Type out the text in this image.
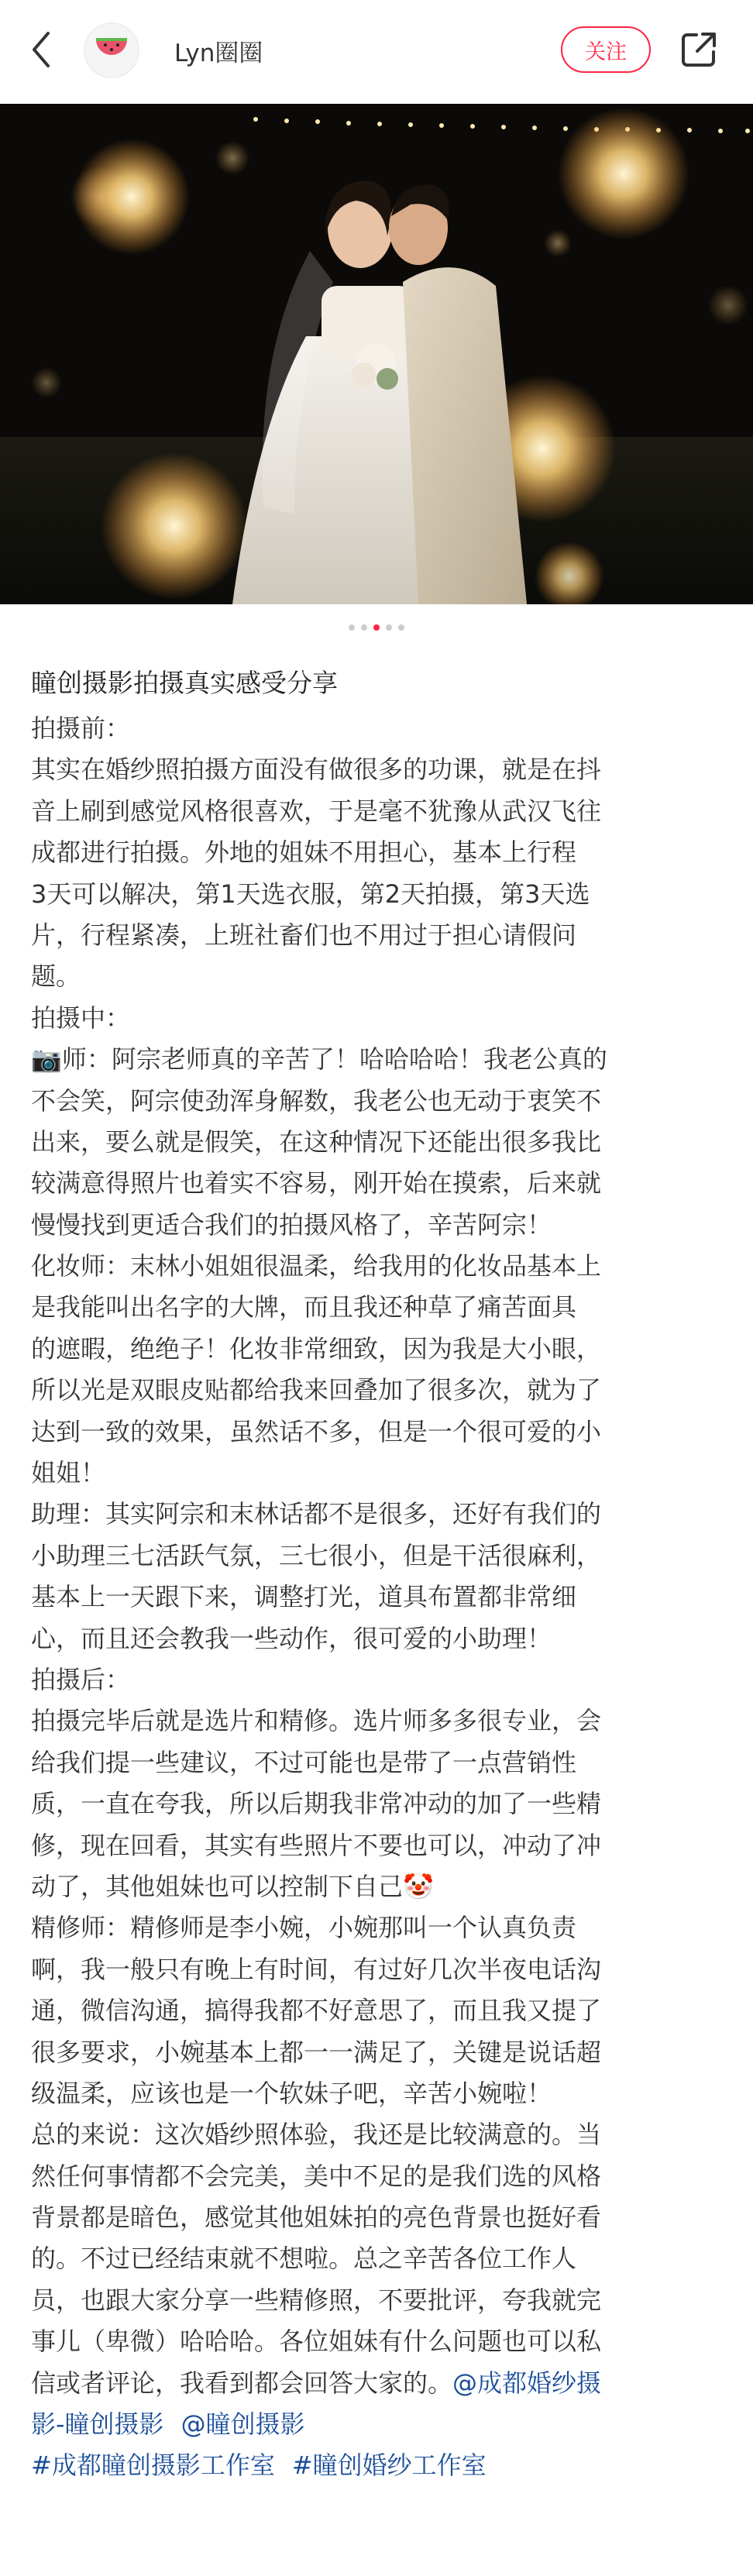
Lyn圈圈	关注
瞳创摄影拍摄真实感受分享
拍摄前：
其实在婚纱照拍摄方面没有做很多的功课，就是在抖
音上刷到感觉风格很喜欢，于是毫不犹豫从武汉飞往
成都进行拍摄。外地的姐妹不用担心，基本上行程
3天可以解决，第1天选衣服，第2天拍摄，第3天选
片，行程紧凑，上班社畜们也不用过于担心请假问
题。
拍摄中：
📷师：阿宗老师真的辛苦了！哈哈哈哈！我老公真的
不会笑，阿宗使劲浑身解数，我老公也无动于衷笑不
出来，要么就是假笑，在这种情况下还能出很多我比
较满意得照片也着实不容易，刚开始在摸索，后来就
慢慢找到更适合我们的拍摄风格了，辛苦阿宗！
化妆师：末林小姐姐很温柔，给我用的化妆品基本上
是我能叫出名字的大牌，而且我还种草了痛苦面具
的遮暇，绝绝子！化妆非常细致，因为我是大小眼，
所以光是双眼皮贴都给我来回叠加了很多次，就为了
达到一致的效果，虽然话不多，但是一个很可爱的小
姐姐！
助理：其实阿宗和末林话都不是很多，还好有我们的
小助理三七活跃气氛，三七很小，但是干活很麻利，
基本上一天跟下来，调整打光，道具布置都非常细
心，而且还会教我一些动作，很可爱的小助理！
拍摄后：
拍摄完毕后就是选片和精修。选片师多多很专业，会
给我们提一些建议，不过可能也是带了一点营销性
质，一直在夸我，所以后期我非常冲动的加了一些精
修，现在回看，其实有些照片不要也可以，冲动了冲
动了，其他姐妹也可以控制下自己🤡
精修师：精修师是李小婉，小婉那叫一个认真负责
啊，我一般只有晚上有时间，有过好几次半夜电话沟
通，微信沟通，搞得我都不好意思了，而且我又提了
很多要求，小婉基本上都一一满足了，关键是说话超
级温柔，应该也是一个软妹子吧，辛苦小婉啦！
总的来说：这次婚纱照体验，我还是比较满意的。当
然任何事情都不会完美，美中不足的是我们选的风格
背景都是暗色，感觉其他姐妹拍的亮色背景也挺好看
的。不过已经结束就不想啦。总之辛苦各位工作人
员，也跟大家分享一些精修照，不要批评，夸我就完
事儿（卑微）哈哈哈。各位姐妹有什么问题也可以私
信或者评论，我看到都会回答大家的。@成都婚纱摄
影-瞳创摄影 @瞳创摄影
#成都瞳创摄影工作室 #瞳创婚纱工作室
